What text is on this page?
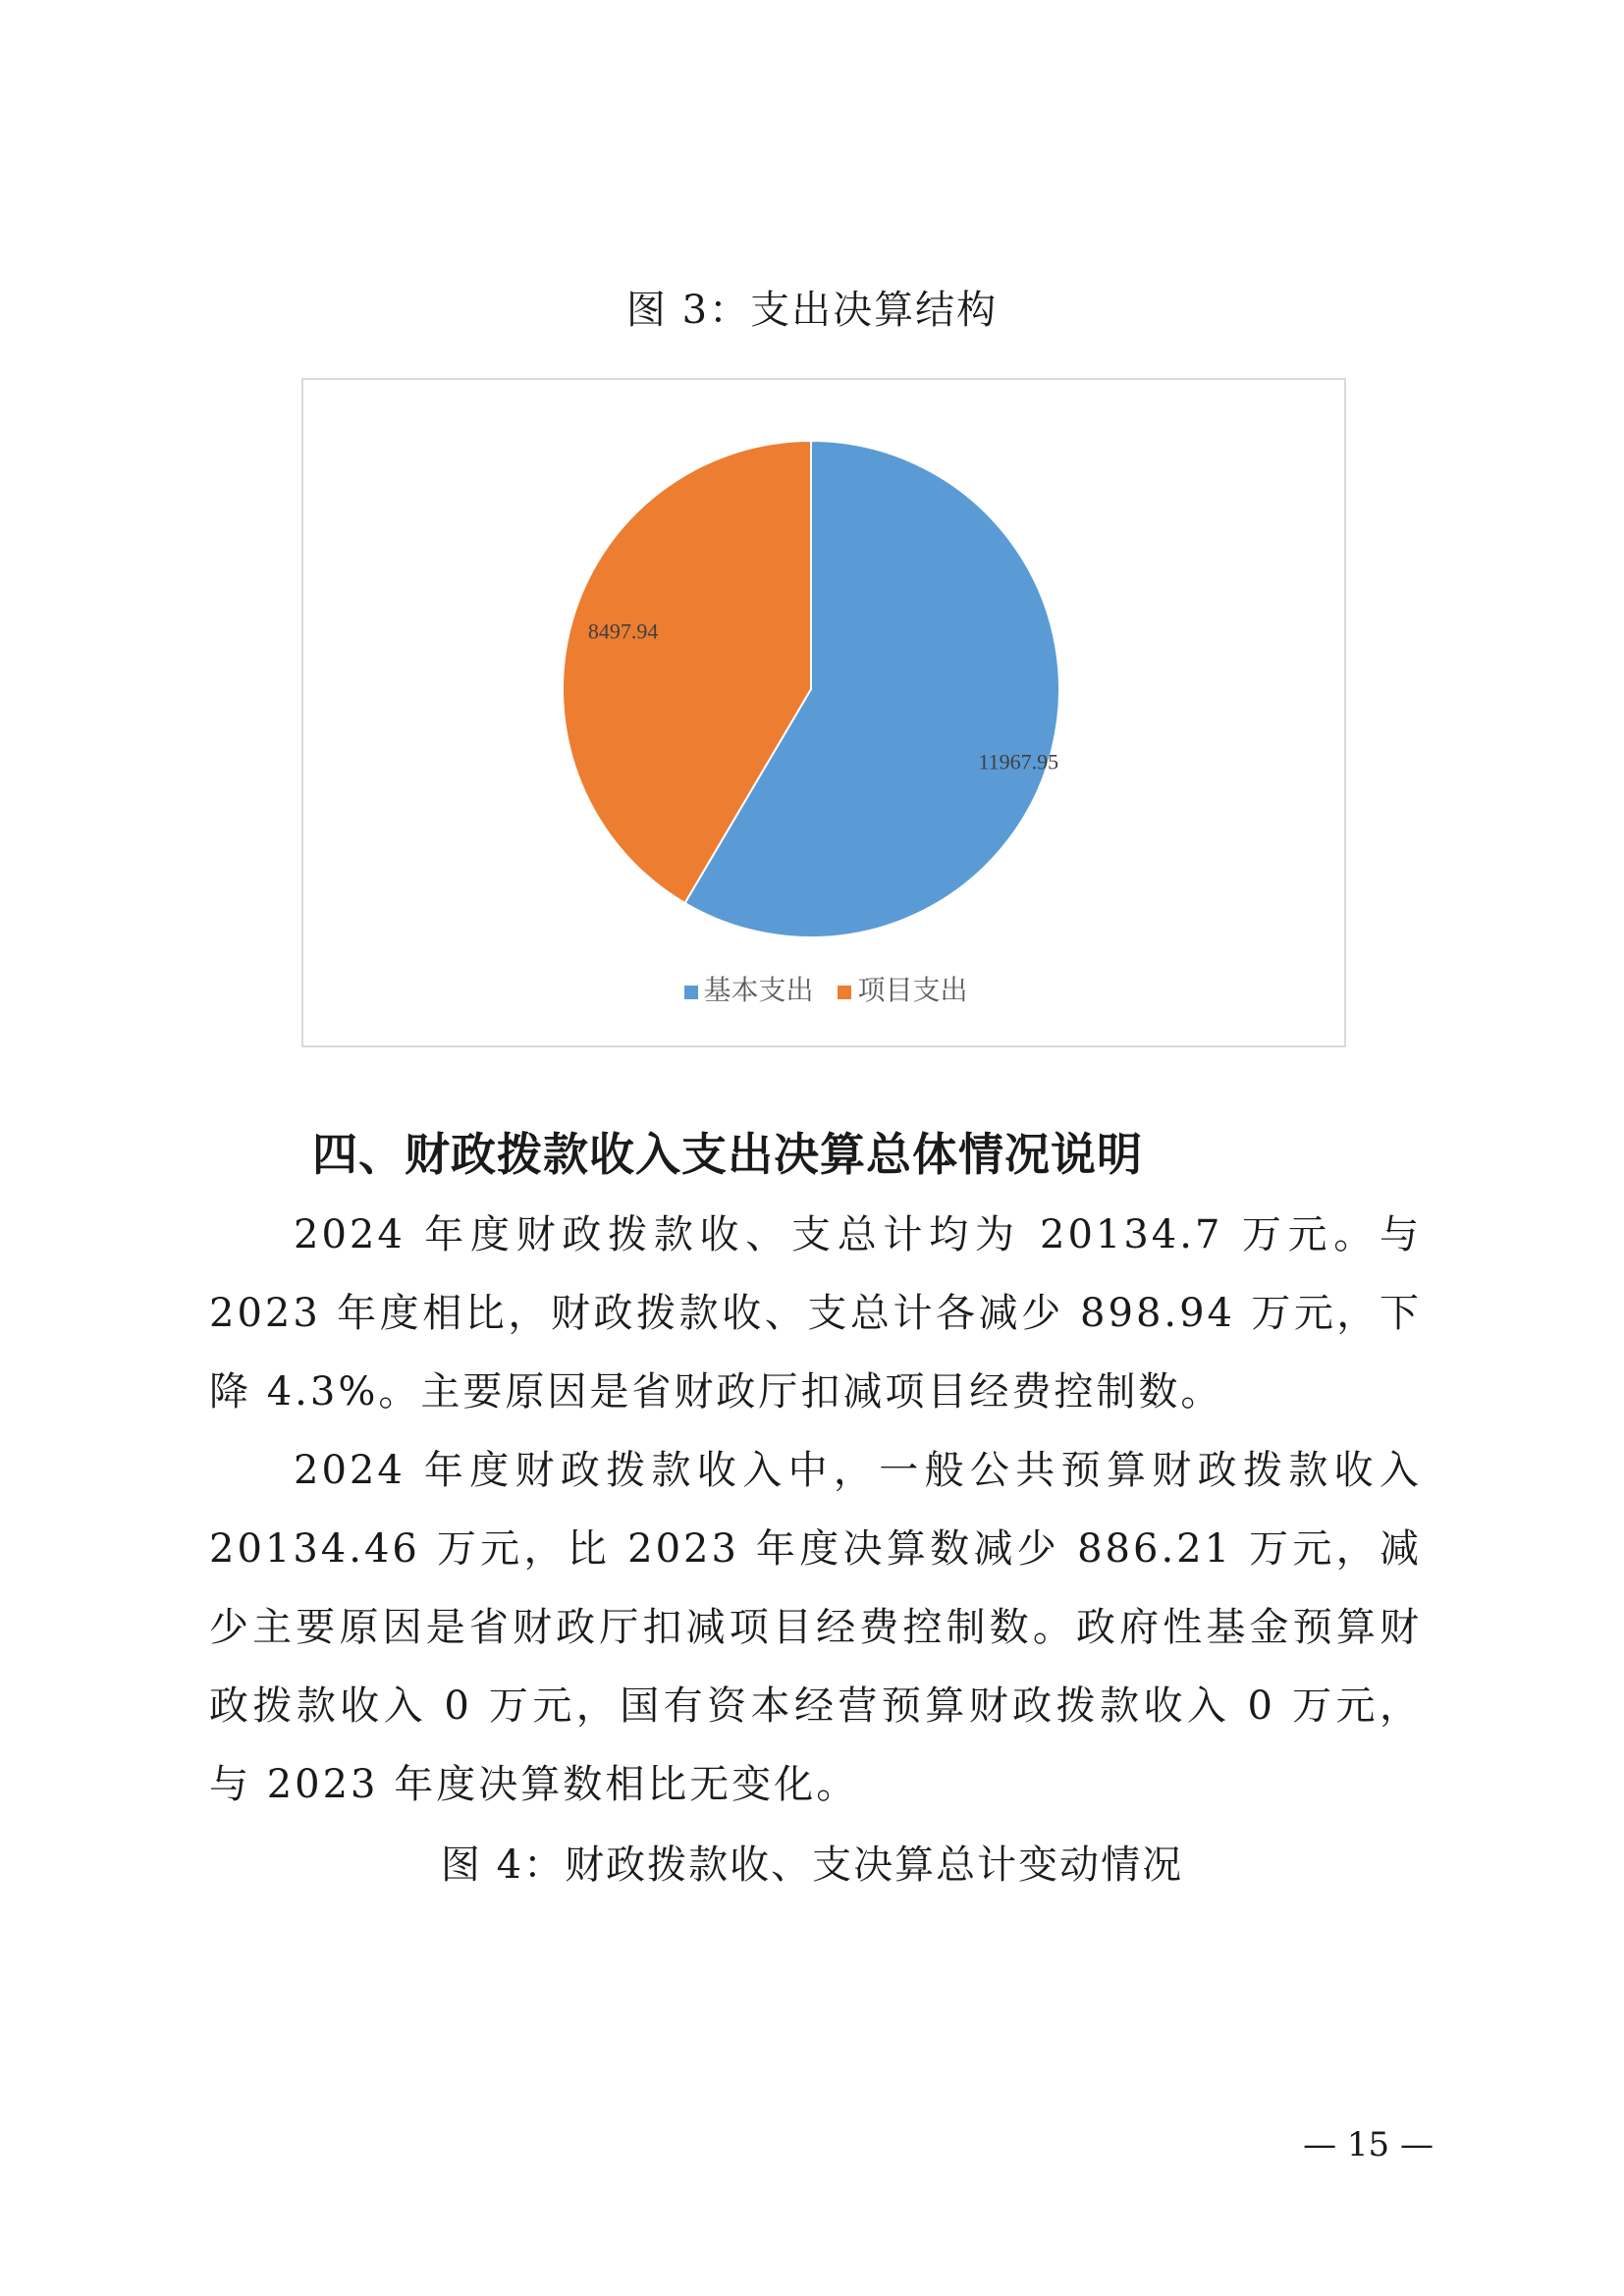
图 3：支出决算结构
11967.95
8497.94
基本支出 项目支出
四、财政拨款收入支出决算总体情况说明

2024 年度财政拨款收、支总计均为 20134.7 万元。与 2023 年度相比，财政拨款收、支总计各减少 898.94 万元，下降 4.3%。主要原因是省财政厅扣减项目经费控制数。

2024 年度财政拨款收入中，一般公共预算财政拨款收入 20134.46 万元，比 2023 年度决算数减少 886.21 万元，减少主要原因是省财政厅扣减项目经费控制数。政府性基金预算财政拨款收入 0 万元，国有资本经营预算财政拨款收入 0 万元，与 2023 年度决算数相比无变化。

图 4：财政拨款收、支决算总计变动情况
— 15 —
